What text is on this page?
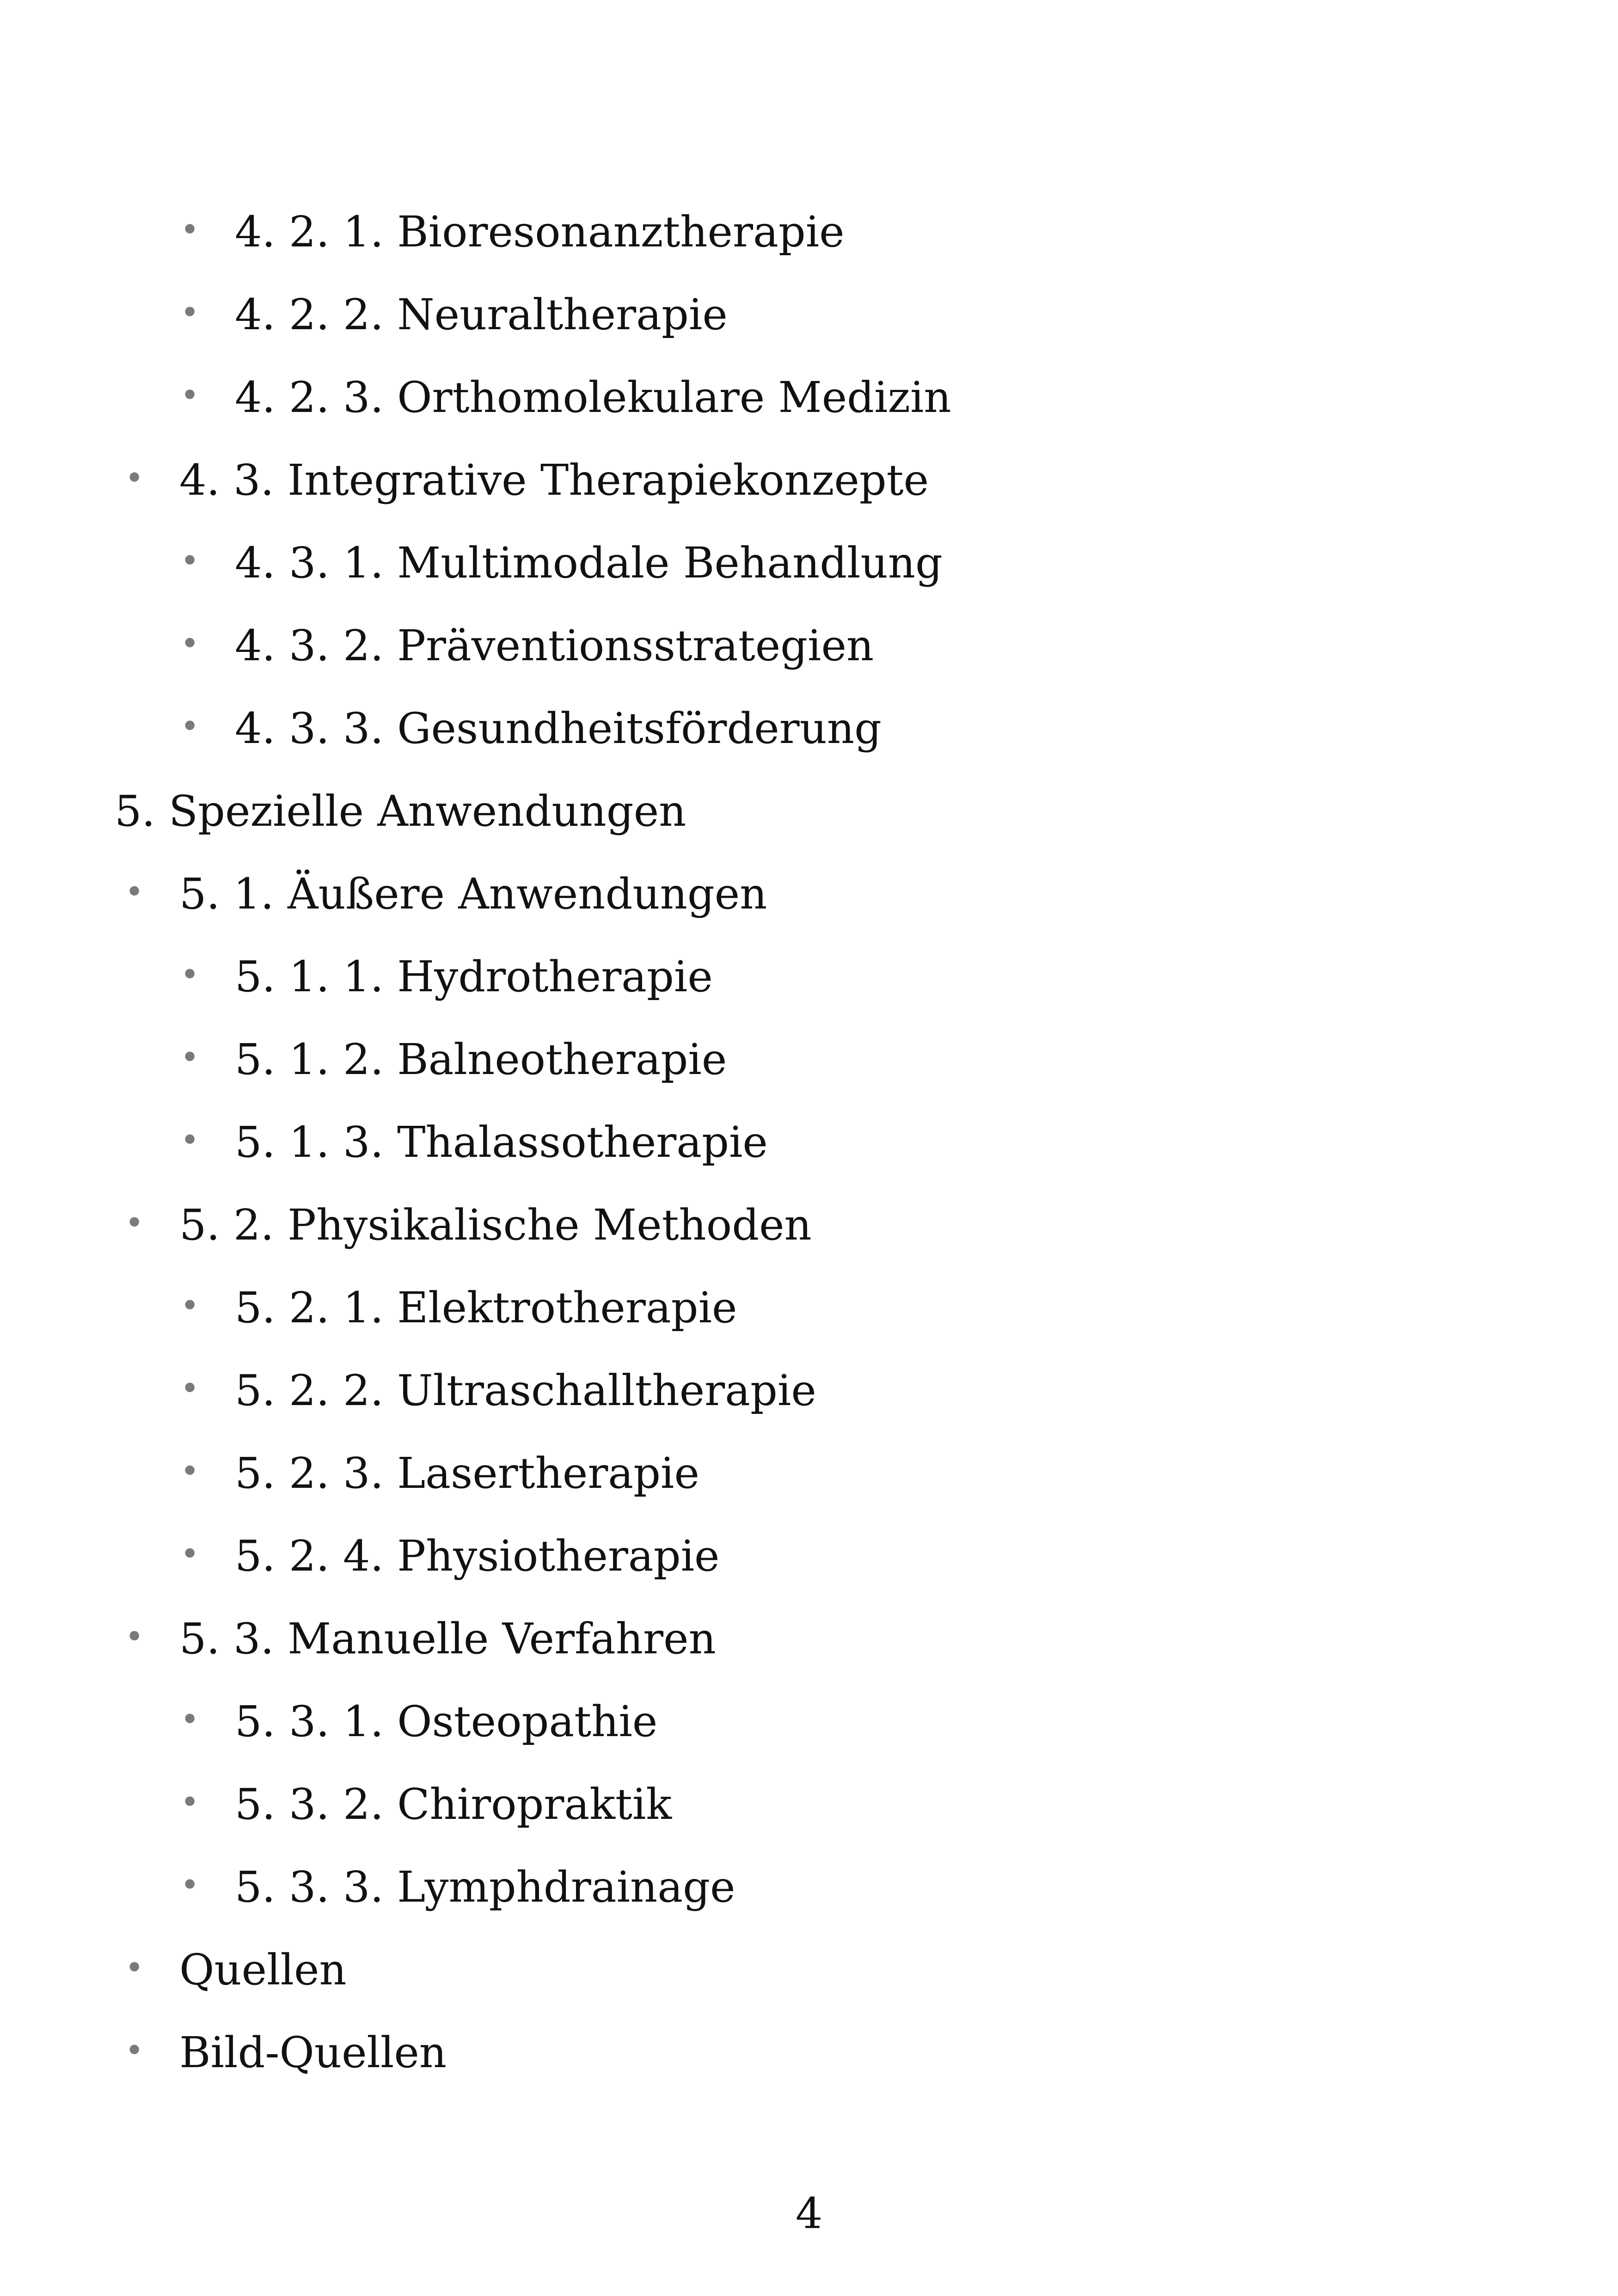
• 4. 2. 1. Bioresonanztherapie
• 4. 2. 2. Neuraltherapie
• 4. 2. 3. Orthomolekulare Medizin
• 4. 3. Integrative Therapiekonzepte
• 4. 3. 1. Multimodale Behandlung
• 4. 3. 2. Präventionsstrategien
• 4. 3. 3. Gesundheitsförderung
5. Spezielle Anwendungen
• 5. 1. Äußere Anwendungen
• 5. 1. 1. Hydrotherapie
• 5. 1. 2. Balneotherapie
• 5. 1. 3. Thalassotherapie
• 5. 2. Physikalische Methoden
• 5. 2. 1. Elektrotherapie
• 5. 2. 2. Ultraschalltherapie
• 5. 2. 3. Lasertherapie
• 5. 2. 4. Physiotherapie
• 5. 3. Manuelle Verfahren
• 5. 3. 1. Osteopathie
• 5. 3. 2. Chiropraktik
• 5. 3. 3. Lymphdrainage
• Quellen
• Bild-Quellen
4
